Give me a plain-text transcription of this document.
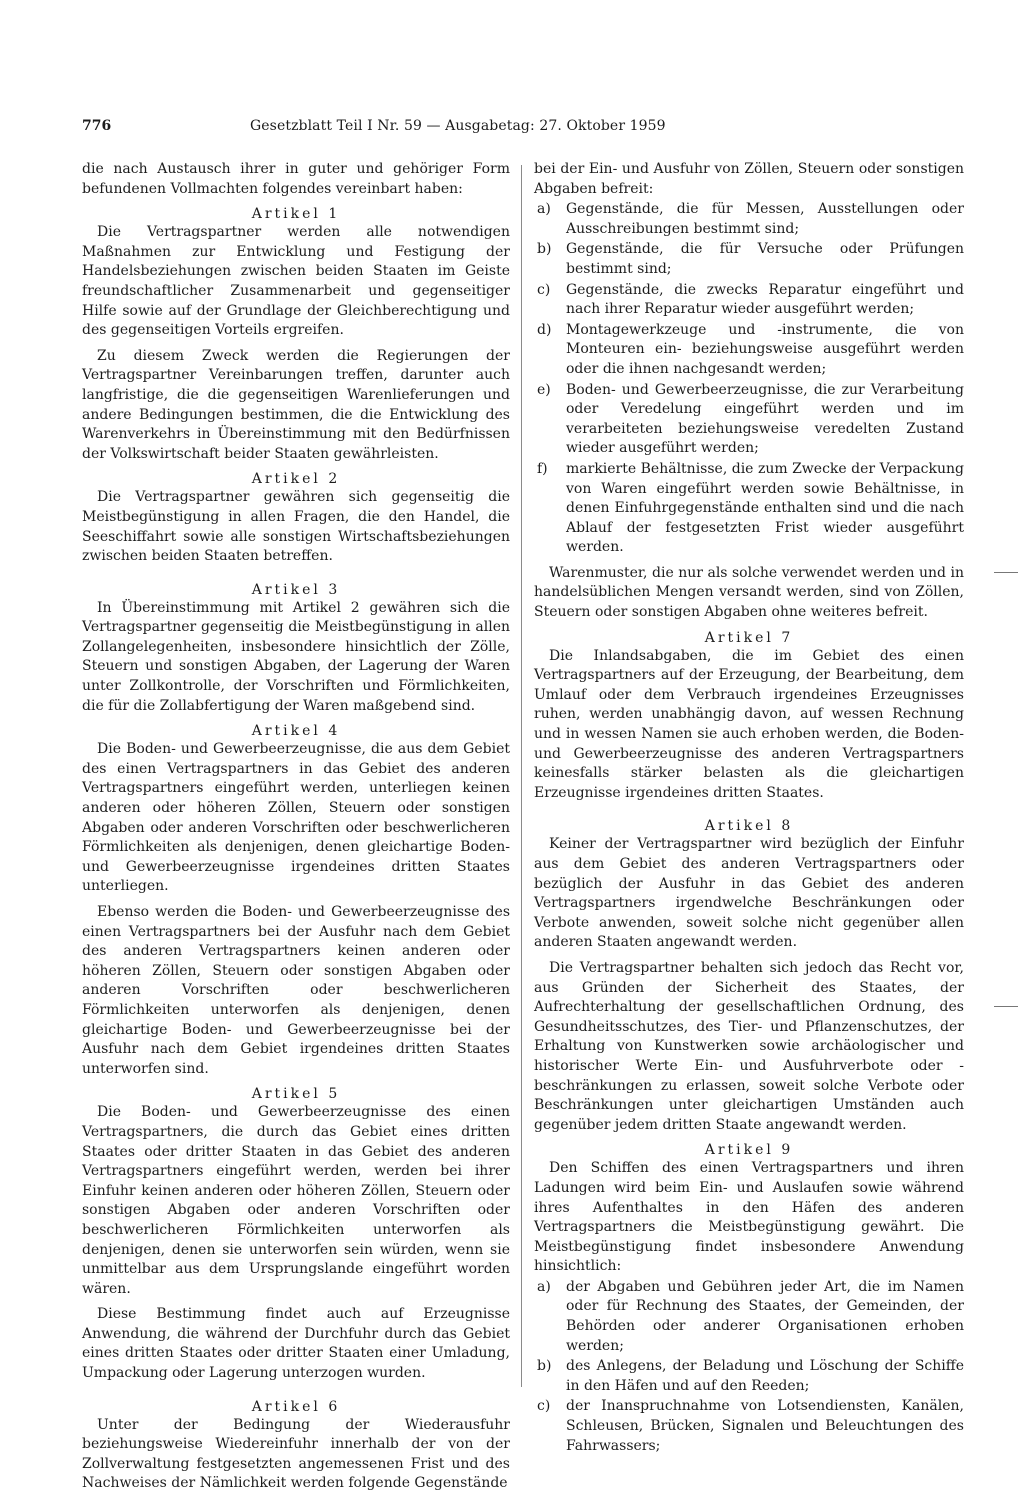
776	Gesetzblatt Teil I Nr. 59 — Ausgabetag: 27. Oktober 1959

die nach Austausch ihrer in guter und gehöriger Form befundenen Vollmachten folgendes vereinbart haben:

Artikel 1

Die Vertragspartner werden alle notwendigen Maßnahmen zur Entwicklung und Festigung der Handelsbeziehungen zwischen beiden Staaten im Geiste freundschaftlicher Zusammenarbeit und gegenseitiger Hilfe sowie auf der Grundlage der Gleichberechtigung und des gegenseitigen Vorteils ergreifen.

Zu diesem Zweck werden die Regierungen der Vertragspartner Vereinbarungen treffen, darunter auch langfristige, die die gegenseitigen Warenlieferungen und andere Bedingungen bestimmen, die die Entwicklung des Warenverkehrs in Übereinstimmung mit den Bedürfnissen der Volkswirtschaft beider Staaten gewährleisten.

Artikel 2

Die Vertragspartner gewähren sich gegenseitig die Meistbegünstigung in allen Fragen, die den Handel, die Seeschiffahrt sowie alle sonstigen Wirtschaftsbeziehungen zwischen beiden Staaten betreffen.

Artikel 3

In Übereinstimmung mit Artikel 2 gewähren sich die Vertragspartner gegenseitig die Meistbegünstigung in allen Zollangelegenheiten, insbesondere hinsichtlich der Zölle, Steuern und sonstigen Abgaben, der Lagerung der Waren unter Zollkontrolle, der Vorschriften und Förmlichkeiten, die für die Zollabfertigung der Waren maßgebend sind.

Artikel 4

Die Boden- und Gewerbeerzeugnisse, die aus dem Gebiet des einen Vertragspartners in das Gebiet des anderen Vertragspartners eingeführt werden, unterliegen keinen anderen oder höheren Zöllen, Steuern oder sonstigen Abgaben oder anderen Vorschriften oder beschwerlicheren Förmlichkeiten als denjenigen, denen gleichartige Boden- und Gewerbeerzeugnisse irgendeines dritten Staates unterliegen.

Ebenso werden die Boden- und Gewerbeerzeugnisse des einen Vertragspartners bei der Ausfuhr nach dem Gebiet des anderen Vertragspartners keinen anderen oder höheren Zöllen, Steuern oder sonstigen Abgaben oder anderen Vorschriften oder beschwerlicheren Förmlichkeiten unterworfen als denjenigen, denen gleichartige Boden- und Gewerbeerzeugnisse bei der Ausfuhr nach dem Gebiet irgendeines dritten Staates unterworfen sind.

Artikel 5

Die Boden- und Gewerbeerzeugnisse des einen Vertragspartners, die durch das Gebiet eines dritten Staates oder dritter Staaten in das Gebiet des anderen Vertragspartners eingeführt werden, werden bei ihrer Einfuhr keinen anderen oder höheren Zöllen, Steuern oder sonstigen Abgaben oder anderen Vorschriften oder beschwerlicheren Förmlichkeiten unterworfen als denjenigen, denen sie unterworfen sein würden, wenn sie unmittelbar aus dem Ursprungslande eingeführt worden wären.

Diese Bestimmung findet auch auf Erzeugnisse Anwendung, die während der Durchfuhr durch das Gebiet eines dritten Staates oder dritter Staaten einer Umladung, Umpackung oder Lagerung unterzogen wurden.

Artikel 6

Unter der Bedingung der Wiederausfuhr beziehungsweise Wiedereinfuhr innerhalb der von der Zollverwaltung festgesetzten angemessenen Frist und des Nachweises der Nämlichkeit werden folgende Gegenstände

bei der Ein- und Ausfuhr von Zöllen, Steuern oder sonstigen Abgaben befreit:

a)	Gegenstände, die für Messen, Ausstellungen oder Ausschreibungen bestimmt sind;
b)	Gegenstände, die für Versuche oder Prüfungen bestimmt sind;
c)	Gegenstände, die zwecks Reparatur eingeführt und nach ihrer Reparatur wieder ausgeführt werden;
d)	Montagewerkzeuge und -instrumente, die von Monteuren ein- beziehungsweise ausgeführt werden oder die ihnen nachgesandt werden;
e)	Boden- und Gewerbeerzeugnisse, die zur Verarbeitung oder Veredelung eingeführt werden und im verarbeiteten beziehungsweise veredelten Zustand wieder ausgeführt werden;
f)	markierte Behältnisse, die zum Zwecke der Verpackung von Waren eingeführt werden sowie Behältnisse, in denen Einfuhrgegenstände enthalten sind und die nach Ablauf der festgesetzten Frist wieder ausgeführt werden.

Warenmuster, die nur als solche verwendet werden und in handelsüblichen Mengen versandt werden, sind von Zöllen, Steuern oder sonstigen Abgaben ohne weiteres befreit.

Artikel 7

Die Inlandsabgaben, die im Gebiet des einen Vertragspartners auf der Erzeugung, der Bearbeitung, dem Umlauf oder dem Verbrauch irgendeines Erzeugnisses ruhen, werden unabhängig davon, auf wessen Rechnung und in wessen Namen sie auch erhoben werden, die Boden- und Gewerbeerzeugnisse des anderen Vertragspartners keinesfalls stärker belasten als die gleichartigen Erzeugnisse irgendeines dritten Staates.

Artikel 8

Keiner der Vertragspartner wird bezüglich der Einfuhr aus dem Gebiet des anderen Vertragspartners oder bezüglich der Ausfuhr in das Gebiet des anderen Vertragspartners irgendwelche Beschränkungen oder Verbote anwenden, soweit solche nicht gegenüber allen anderen Staaten angewandt werden.

Die Vertragspartner behalten sich jedoch das Recht vor, aus Gründen der Sicherheit des Staates, der Aufrechterhaltung der gesellschaftlichen Ordnung, des Gesundheitsschutzes, des Tier- und Pflanzenschutzes, der Erhaltung von Kunstwerken sowie archäologischer und historischer Werte Ein- und Ausfuhrverbote oder -beschränkungen zu erlassen, soweit solche Verbote oder Beschränkungen unter gleichartigen Umständen auch gegenüber jedem dritten Staate angewandt werden.

Artikel 9

Den Schiffen des einen Vertragspartners und ihren Ladungen wird beim Ein- und Auslaufen sowie während ihres Aufenthaltes in den Häfen des anderen Vertragspartners die Meistbegünstigung gewährt. Die Meistbegünstigung findet insbesondere Anwendung hinsichtlich:

a)	der Abgaben und Gebühren jeder Art, die im Namen oder für Rechnung des Staates, der Gemeinden, der Behörden oder anderer Organisationen erhoben werden;
b)	des Anlegens, der Beladung und Löschung der Schiffe in den Häfen und auf den Reeden;
c)	der Inanspruchnahme von Lotsendiensten, Kanälen, Schleusen, Brücken, Signalen und Beleuchtungen des Fahrwassers;
